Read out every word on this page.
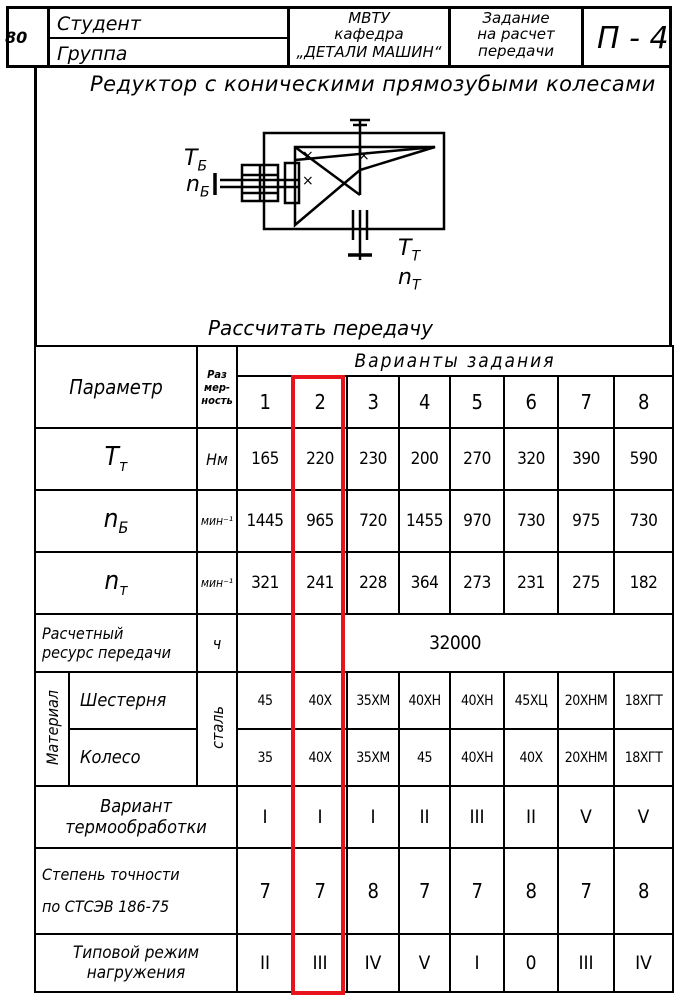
80
Студент
Группа
МВТУ
кафедра
„ДЕТАЛИ МАШИН“
Задание
на расчет
передачи	П - 4
Редуктор с коническими прямозубыми колесами
×
×	×
$T_Б$
$n_Б$
$T_Т$
$n_Т$
Рассчитать передачу
Параметр		Раз
мер-
ность	Варианты задания							
			1	2	3	4	5	6	7	8
$T_т$		Нм	165	220	230	200	270	320	390	590
$n_Б$		мин⁻¹	1445	965	720	1455	970	730	975	730
$n_т$		мин⁻¹	321	241	228	364	273	231	275	182
Расчетный
ресурс передачи		ч	32000							
Материал	Шестерня	сталь	45	40Х	35ХМ	40ХН	40ХН	45ХЦ	20ХНМ	18ХГТ
	Колесо		35	40Х	35ХМ	45	40ХН	40Х	20ХНМ	18ХГТ
Вариант
термообработки			I	I	I	II	III	II	V	V
Степень точности
по СТСЭВ 186-75			7	7	8	7	7	8	7	8
Типовой режим
нагружения			II	III	IV	V	I	0	III	IV
